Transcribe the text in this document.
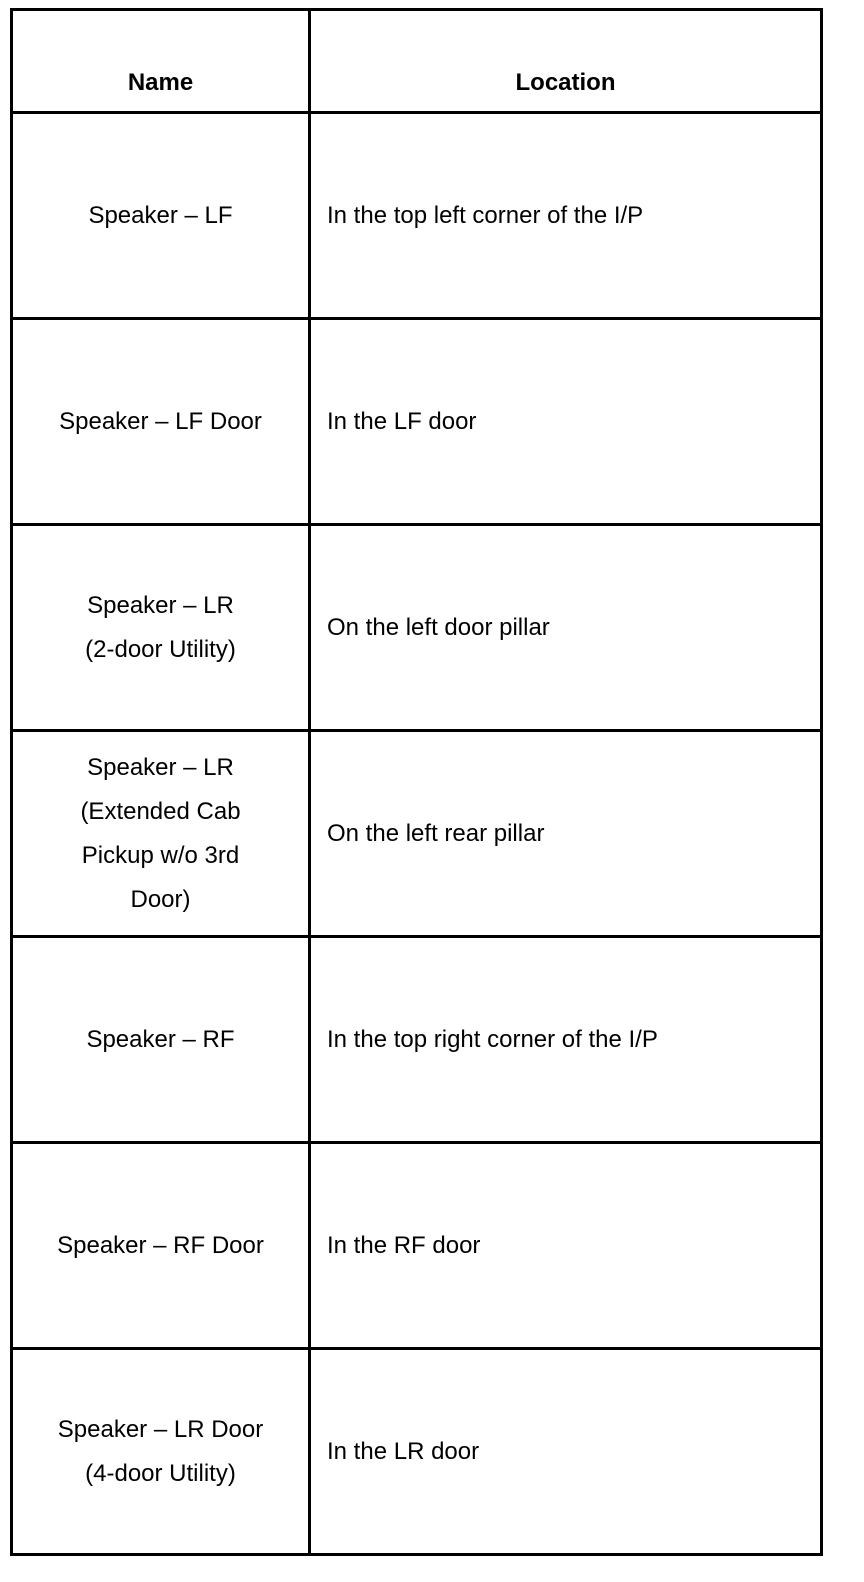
Name	Location

Speaker – LF	In the top left corner of the I/P

Speaker – LF Door	In the LF door

Speaker – LR
(2-door Utility)	On the left door pillar

Speaker – LR
(Extended Cab
Pickup w/o 3rd
Door)	On the left rear pillar

Speaker – RF	In the top right corner of the I/P

Speaker – RF Door	In the RF door

Speaker – LR Door
(4-door Utility)	In the LR door
